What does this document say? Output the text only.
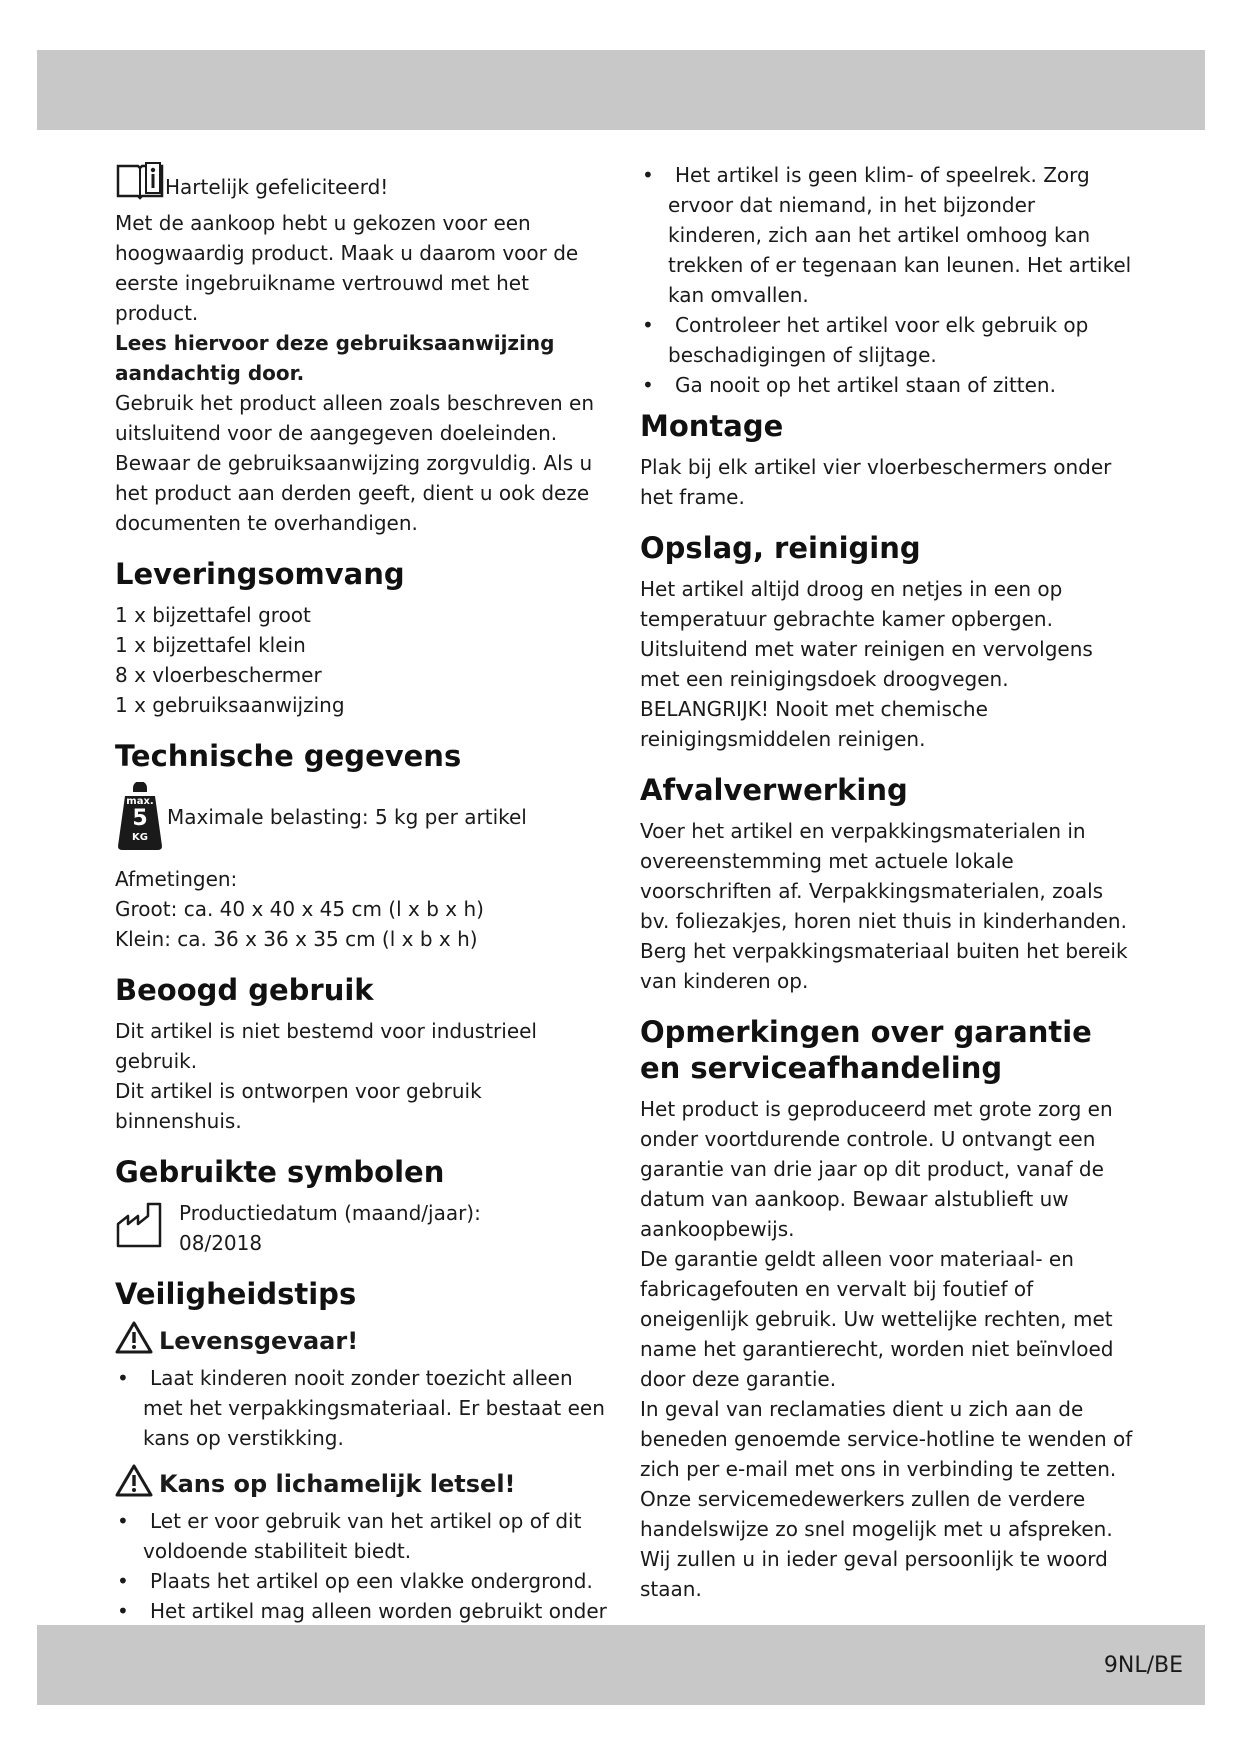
Hartelijk gefeliciteerd!

Met de aankoop hebt u gekozen voor een hoogwaardig product. Maak u daarom voor de eerste ingebruikname vertrouwd met het product.

Lees hiervoor deze gebruiksaanwijzing aandachtig door.

Gebruik het product alleen zoals beschreven en uitsluitend voor de aangegeven doeleinden. Bewaar de gebruiksaanwijzing zorgvuldig. Als u het product aan derden geeft, dient u ook deze documenten te overhandigen.

Leveringsomvang

1 x bijzettafel groot

1 x bijzettafel klein

8 x vloerbeschermer

1 x gebruiksaanwijzing

Technische gegevens
max.
5
KG
Maximale belasting: 5 kg per artikel

Afmetingen:

Groot: ca. 40 x 40 x 45 cm (l x b x h)

Klein: ca. 36 x 36 x 35 cm (l x b x h)

Beoogd gebruik

Dit artikel is niet bestemd voor industrieel gebruik.

Dit artikel is ontworpen voor gebruik binnenshuis.

Gebruikte symbolen

Productiedatum (maand/jaar):

08/2018

Veiligheidstips
Levensgevaar!
• Laat kinderen nooit zonder toezicht alleen met het verpakkingsmateriaal. Er bestaat een kans op verstikking.
Kans op lichamelijk letsel!
• Let er voor gebruik van het artikel op of dit voldoende stabiliteit biedt.
• Plaats het artikel op een vlakke ondergrond.
• Het artikel mag alleen worden gebruikt onder
• Het artikel is geen klim- of speelrek. Zorg ervoor dat niemand, in het bijzonder kinderen, zich aan het artikel omhoog kan trekken of er tegenaan kan leunen. Het artikel kan omvallen.
• Controleer het artikel voor elk gebruik op beschadigingen of slijtage.
• Ga nooit op het artikel staan of zitten.
Montage

Plak bij elk artikel vier vloerbeschermers onder het frame.

Opslag, reiniging

Het artikel altijd droog en netjes in een op temperatuur gebrachte kamer opbergen.

Uitsluitend met water reinigen en vervolgens met een reinigingsdoek droogvegen. BELANGRIJK! Nooit met chemische reinigingsmiddelen reinigen.

Afvalverwerking

Voer het artikel en verpakkingsmaterialen in overeenstemming met actuele lokale voorschriften af. Verpakkingsmaterialen, zoals bv. foliezakjes, horen niet thuis in kinderhanden. Berg het verpakkingsmateriaal buiten het bereik van kinderen op.

Opmerkingen over garantie en serviceafhandeling

Het product is geproduceerd met grote zorg en onder voortdurende controle. U ontvangt een garantie van drie jaar op dit product, vanaf de datum van aankoop. Bewaar alstublieft uw aankoopbewijs.

De garantie geldt alleen voor materiaal- en fabricagefouten en vervalt bij foutief of oneigenlijk gebruik. Uw wettelijke rechten, met name het garantierecht, worden niet beïnvloed door deze garantie.

In geval van reclamaties dient u zich aan de beneden genoemde service-hotline te wenden of zich per e-mail met ons in verbinding te zetten. Onze servicemedewerkers zullen de verdere handelswijze zo snel mogelijk met u afspreken. Wij zullen u in ieder geval persoonlijk te woord staan.

9NL/BE
